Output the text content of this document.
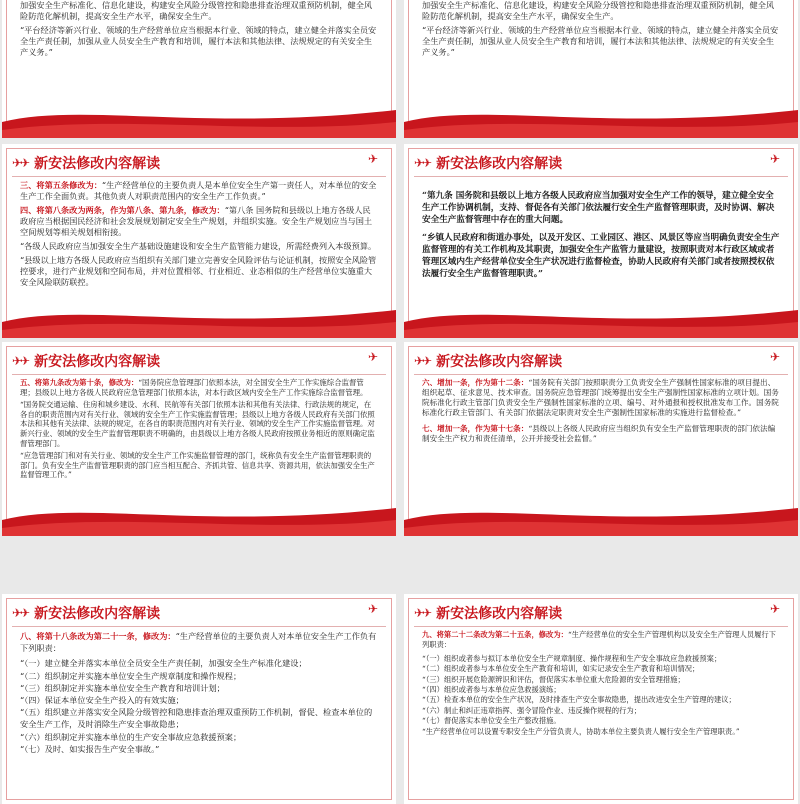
加强安全生产标准化、信息化建设，构建安全风险分级管控和隐患排查治理双重预防机制，健全风险防范化解机制，提高安全生产水平，确保安全生产。

“平台经济等新兴行业、领域的生产经营单位应当根据本行业、领域的特点，建立健全并落实全员安全生产责任制，加强从业人员安全生产教育和培训，履行本法和其他法律、法规规定的有关安全生产义务。”

加强安全生产标准化、信息化建设，构建安全风险分级管控和隐患排查治理双重预防机制，健全风险防范化解机制，提高安全生产水平，确保安全生产。

“平台经济等新兴行业、领域的生产经营单位应当根据本行业、领域的特点，建立健全并落实全员安全生产责任制，加强从业人员安全生产教育和培训，履行本法和其他法律、法规规定的有关安全生产义务。”

✈✈ 新安法修改内容解读	✈

三、将第五条修改为：“生产经营单位的主要负责人是本单位安全生产第一责任人，对本单位的安全生产工作全面负责。其他负责人对职责范围内的安全生产工作负责。”

四、将第八条改为两条，作为第八条、第九条，修改为：“第八条 国务院和县级以上地方各级人民政府应当根据国民经济和社会发展规划制定安全生产规划，并组织实施。安全生产规划应当与国土空间规划等相关规划相衔接。

“各级人民政府应当加强安全生产基础设施建设和安全生产监管能力建设，所需经费列入本级预算。

“县级以上地方各级人民政府应当组织有关部门建立完善安全风险评估与论证机制，按照安全风险管控要求，进行产业规划和空间布局，并对位置相邻、行业相近、业态相似的生产经营单位实施重大安全风险联防联控。

✈✈ 新安法修改内容解读	✈

“第九条 国务院和县级以上地方各级人民政府应当加强对安全生产工作的领导，建立健全安全生产工作协调机制，支持、督促各有关部门依法履行安全生产监督管理职责，及时协调、解决安全生产监督管理中存在的重大问题。

“乡镇人民政府和街道办事处，以及开发区、工业园区、港区、风景区等应当明确负责安全生产监督管理的有关工作机构及其职责，加强安全生产监管力量建设，按照职责对本行政区域或者管理区域内生产经营单位安全生产状况进行监督检查，协助人民政府有关部门或者按照授权依法履行安全生产监督管理职责。”

✈✈ 新安法修改内容解读	✈

五、将第九条改为第十条，修改为：“国务院应急管理部门依照本法，对全国安全生产工作实施综合监督管理；县级以上地方各级人民政府应急管理部门依照本法，对本行政区域内安全生产工作实施综合监督管理。

“国务院交通运输、住房和城乡建设、水利、民航等有关部门依照本法和其他有关法律、行政法规的规定，在各自的职责范围内对有关行业、领域的安全生产工作实施监督管理；县级以上地方各级人民政府有关部门依照本法和其他有关法律、法规的规定，在各自的职责范围内对有关行业、领域的安全生产工作实施监督管理。对新兴行业、领域的安全生产监督管理职责不明确的，由县级以上地方各级人民政府按照业务相近的原则确定监督管理部门。

“应急管理部门和对有关行业、领域的安全生产工作实施监督管理的部门，统称负有安全生产监督管理职责的部门。负有安全生产监督管理职责的部门应当相互配合、齐抓共管、信息共享、资源共用，依法加强安全生产监督管理工作。”

✈✈ 新安法修改内容解读	✈

六、增加一条，作为第十二条：“国务院有关部门按照职责分工负责安全生产强制性国家标准的项目提出、组织起草、征求意见、技术审查。国务院应急管理部门统筹提出安全生产强制性国家标准的立项计划。国务院标准化行政主管部门负责安全生产强制性国家标准的立项、编号、对外通报和授权批准发布工作。国务院标准化行政主管部门、有关部门依据法定职责对安全生产强制性国家标准的实施进行监督检查。”

七、增加一条，作为第十七条：“县级以上各级人民政府应当组织负有安全生产监督管理职责的部门依法编制安全生产权力和责任清单，公开并接受社会监督。”

✈✈ 新安法修改内容解读	✈

八、将第十八条改为第二十一条，修改为：“生产经营单位的主要负责人对本单位安全生产工作负有下列职责：

“（一）建立健全并落实本单位全员安全生产责任制，加强安全生产标准化建设；

“（二）组织制定并实施本单位安全生产规章制度和操作规程；

“（三）组织制定并实施本单位安全生产教育和培训计划；

“（四）保证本单位安全生产投入的有效实施；

“（五）组织建立并落实安全风险分级管控和隐患排查治理双重预防工作机制，督促、检查本单位的安全生产工作，及时消除生产安全事故隐患；

“（六）组织制定并实施本单位的生产安全事故应急救援预案；

“（七）及时、如实报告生产安全事故。”

✈✈ 新安法修改内容解读	✈

九、将第二十二条改为第二十五条，修改为：“生产经营单位的安全生产管理机构以及安全生产管理人员履行下列职责：

“（一）组织或者参与拟订本单位安全生产规章制度、操作规程和生产安全事故应急救援预案；

“（二）组织或者参与本单位安全生产教育和培训，如实记录安全生产教育和培训情况；

“（三）组织开展危险源辨识和评估，督促落实本单位重大危险源的安全管理措施；

“（四）组织或者参与本单位应急救援演练；

“（五）检查本单位的安全生产状况，及时排查生产安全事故隐患，提出改进安全生产管理的建议；

“（六）制止和纠正违章指挥、强令冒险作业、违反操作规程的行为；

“（七）督促落实本单位安全生产整改措施。

“生产经营单位可以设置专职安全生产分管负责人，协助本单位主要负责人履行安全生产管理职责。”
